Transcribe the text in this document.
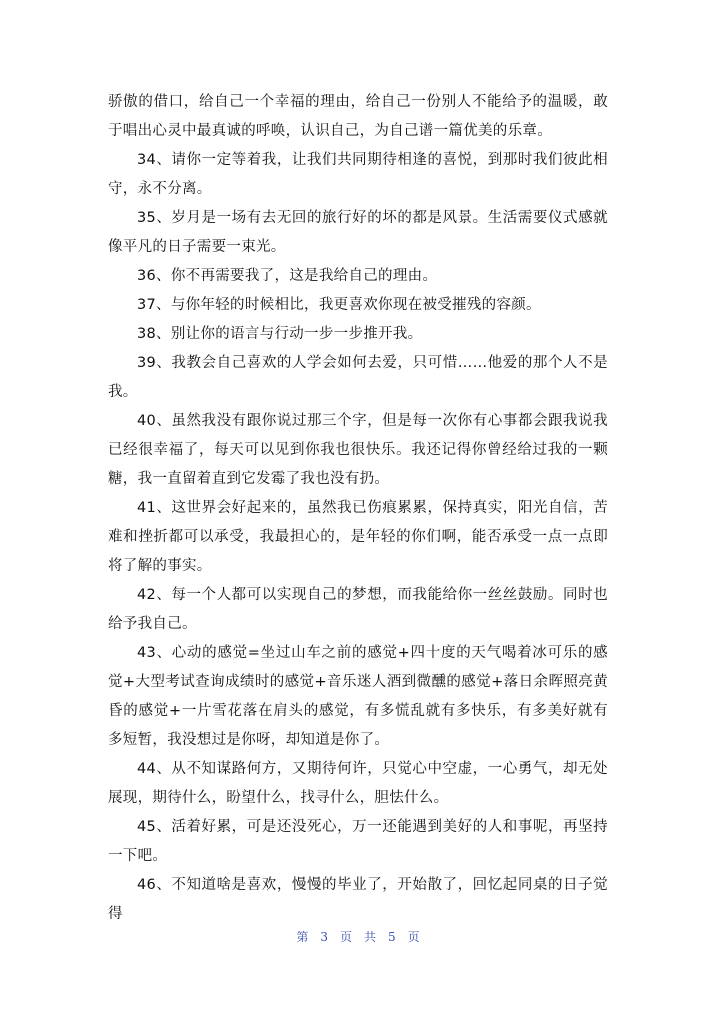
骄傲的借口，给自己一个幸福的理由，给自己一份别人不能给予的温暖，敢于唱出心灵中最真诚的呼唤，认识自己，为自己谱一篇优美的乐章。

34、请你一定等着我，让我们共同期待相逢的喜悦，到那时我们彼此相守，永不分离。

35、岁月是一场有去无回的旅行好的坏的都是风景。生活需要仪式感就像平凡的日子需要一束光。

36、你不再需要我了，这是我给自己的理由。

37、与你年轻的时候相比，我更喜欢你现在被受摧残的容颜。

38、别让你的语言与行动一步一步推开我。

39、我教会自己喜欢的人学会如何去爱，只可惜……他爱的那个人不是我。

40、虽然我没有跟你说过那三个字，但是每一次你有心事都会跟我说我已经很幸福了，每天可以见到你我也很快乐。我还记得你曾经给过我的一颗糖，我一直留着直到它发霉了我也没有扔。

41、这世界会好起来的，虽然我已伤痕累累，保持真实，阳光自信，苦难和挫折都可以承受，我最担心的，是年轻的你们啊，能否承受一点一点即将了解的事实。

42、每一个人都可以实现自己的梦想，而我能给你一丝丝鼓励。同时也给予我自己。

43、心动的感觉=坐过山车之前的感觉+四十度的天气喝着冰可乐的感觉+大型考试查询成绩时的感觉+音乐迷人酒到微醺的感觉+落日余晖照亮黄昏的感觉+一片雪花落在肩头的感觉，有多慌乱就有多快乐，有多美好就有多短暂，我没想过是你呀，却知道是你了。

44、从不知谋路何方，又期待何许，只觉心中空虚，一心勇气，却无处展现，期待什么，盼望什么，找寻什么，胆怯什么。

45、活着好累，可是还没死心，万一还能遇到美好的人和事呢，再坚持一下吧。

46、不知道啥是喜欢，慢慢的毕业了，开始散了，回忆起同桌的日子觉得

第 3 页 共 5 页
